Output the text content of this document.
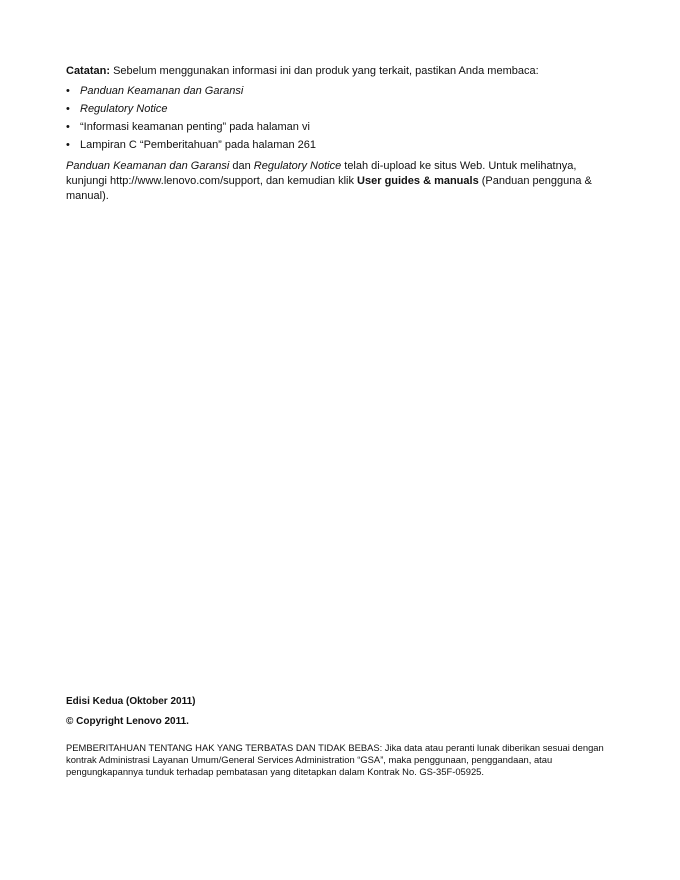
Catatan: Sebelum menggunakan informasi ini dan produk yang terkait, pastikan Anda membaca:

• Panduan Keamanan dan Garansi
• Regulatory Notice
• “Informasi keamanan penting” pada halaman vi
• Lampiran C “Pemberitahuan” pada halaman 261

Panduan Keamanan dan Garansi dan Regulatory Notice telah di-upload ke situs Web. Untuk melihatnya, kunjungi http://www.lenovo.com/support, dan kemudian klik User guides & manuals (Panduan pengguna & manual).

Edisi Kedua (Oktober 2011)

© Copyright Lenovo 2011.

PEMBERITAHUAN TENTANG HAK YANG TERBATAS DAN TIDAK BEBAS: Jika data atau peranti lunak diberikan sesuai dengan kontrak Administrasi Layanan Umum/General Services Administration “GSA”, maka penggunaan, penggandaan, atau pengungkapannya tunduk terhadap pembatasan yang ditetapkan dalam Kontrak No. GS-35F-05925.
